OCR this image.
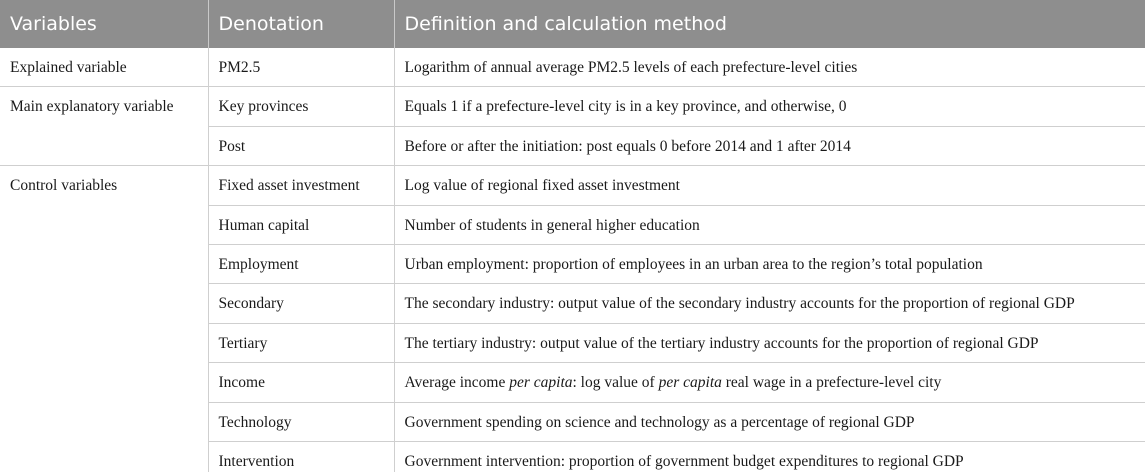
Variables	Denotation	Definition and calculation method
Explained variable	PM2.5	Logarithm of annual average PM2.5 levels of each prefecture-level cities
Main explanatory variable	Key provinces	Equals 1 if a prefecture-level city is in a key province, and otherwise, 0
	Post	Before or after the initiation: post equals 0 before 2014 and 1 after 2014
Control variables	Fixed asset investment	Log value of regional fixed asset investment
	Human capital	Number of students in general higher education
	Employment	Urban employment: proportion of employees in an urban area to the region’s total population
	Secondary	The secondary industry: output value of the secondary industry accounts for the proportion of regional GDP
	Tertiary	The tertiary industry: output value of the tertiary industry accounts for the proportion of regional GDP
	Income	Average income per capita: log value of per capita real wage in a prefecture-level city
	Technology	Government spending on science and technology as a percentage of regional GDP
	Intervention	Government intervention: proportion of government budget expenditures to regional GDP
